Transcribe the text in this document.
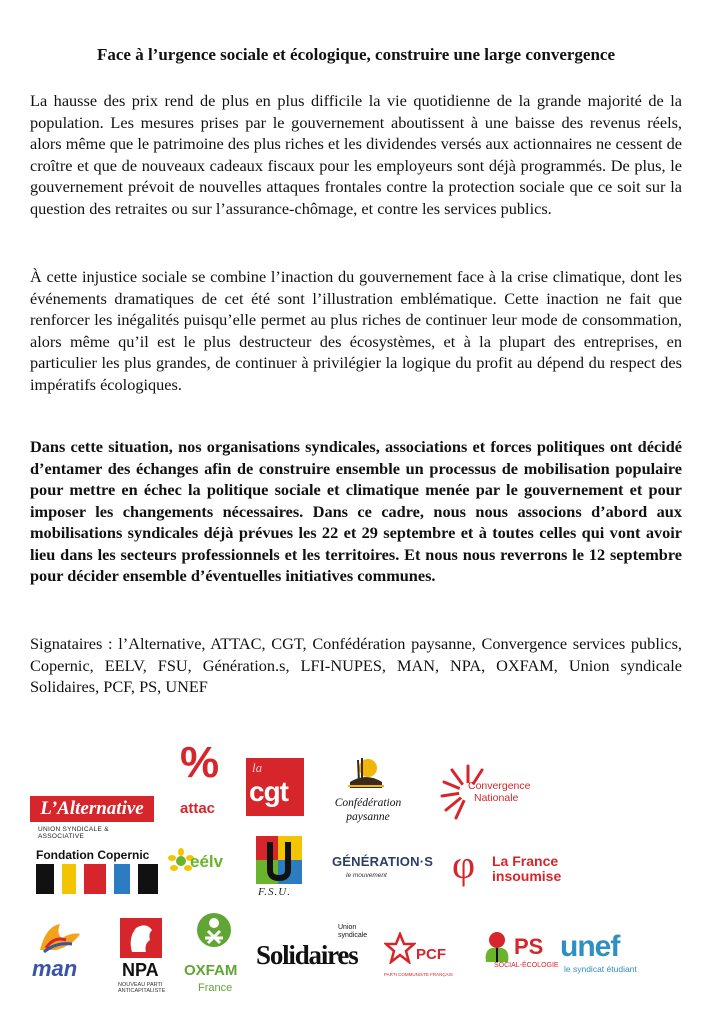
Face à l’urgence sociale et écologique, construire une large convergence

La hausse des prix rend de plus en plus difficile la vie quotidienne de la grande majorité de la population. Les mesures prises par le gouvernement aboutissent à une baisse des revenus réels, alors même que le patrimoine des plus riches et les dividendes versés aux actionnaires ne cessent de croître et que de nouveaux cadeaux fiscaux pour les employeurs sont déjà programmés. De plus, le gouvernement prévoit de nouvelles attaques frontales contre la protection sociale que ce soit sur la question des retraites ou sur l’assurance-chômage, et contre les services publics.

À cette injustice sociale se combine l’inaction du gouvernement face à la crise climatique, dont les événements dramatiques de cet été sont l’illustration emblématique. Cette inaction ne fait que renforcer les inégalités puisqu’elle permet au plus riches de continuer leur mode de consommation, alors même qu’il est le plus destructeur des écosystèmes, et à la plupart des entreprises, en particulier les plus grandes, de continuer à privilégier la logique du profit au dépend du respect des impératifs écologiques.

Dans cette situation, nos organisations syndicales, associations et forces politiques ont décidé d’entamer des échanges afin de construire ensemble un processus de mobilisation populaire pour mettre en échec la politique sociale et climatique menée par le gouvernement et pour imposer les changements nécessaires. Dans ce cadre, nous nous associons d’abord aux mobilisations syndicales déjà prévues les 22 et 29 septembre et à toutes celles qui vont avoir lieu dans les secteurs professionnels et les territoires. Et nous nous reverrons le 12 septembre pour décider ensemble d’éventuelles initiatives communes.

Signataires : l’Alternative, ATTAC, CGT, Confédération paysanne, Convergence services publics, Copernic, EELV, FSU, Génération.s, LFI-NUPES, MAN, NPA, OXFAM, Union syndicale Solidaires, PCF, PS, UNEF

L’Alternative
UNION SYNDICALE & ASSOCIATIVE
%
attac
la
cgt	Confédération
paysanne
Convergence
Nationale
Fondation Copernic eélv
F.S.U.
GÉNÉRATION·S
le mouvement φ La France
insoumise
man NPA
NOUVEAU PARTI
ANTICAPITALISTE
OXFAM
France
Union
syndicale
Solidaires	PCF
PARTI COMMUNISTE FRANÇAIS
PS
SOCIAL-ÉCOLOGIE
unef
le syndicat étudiant
